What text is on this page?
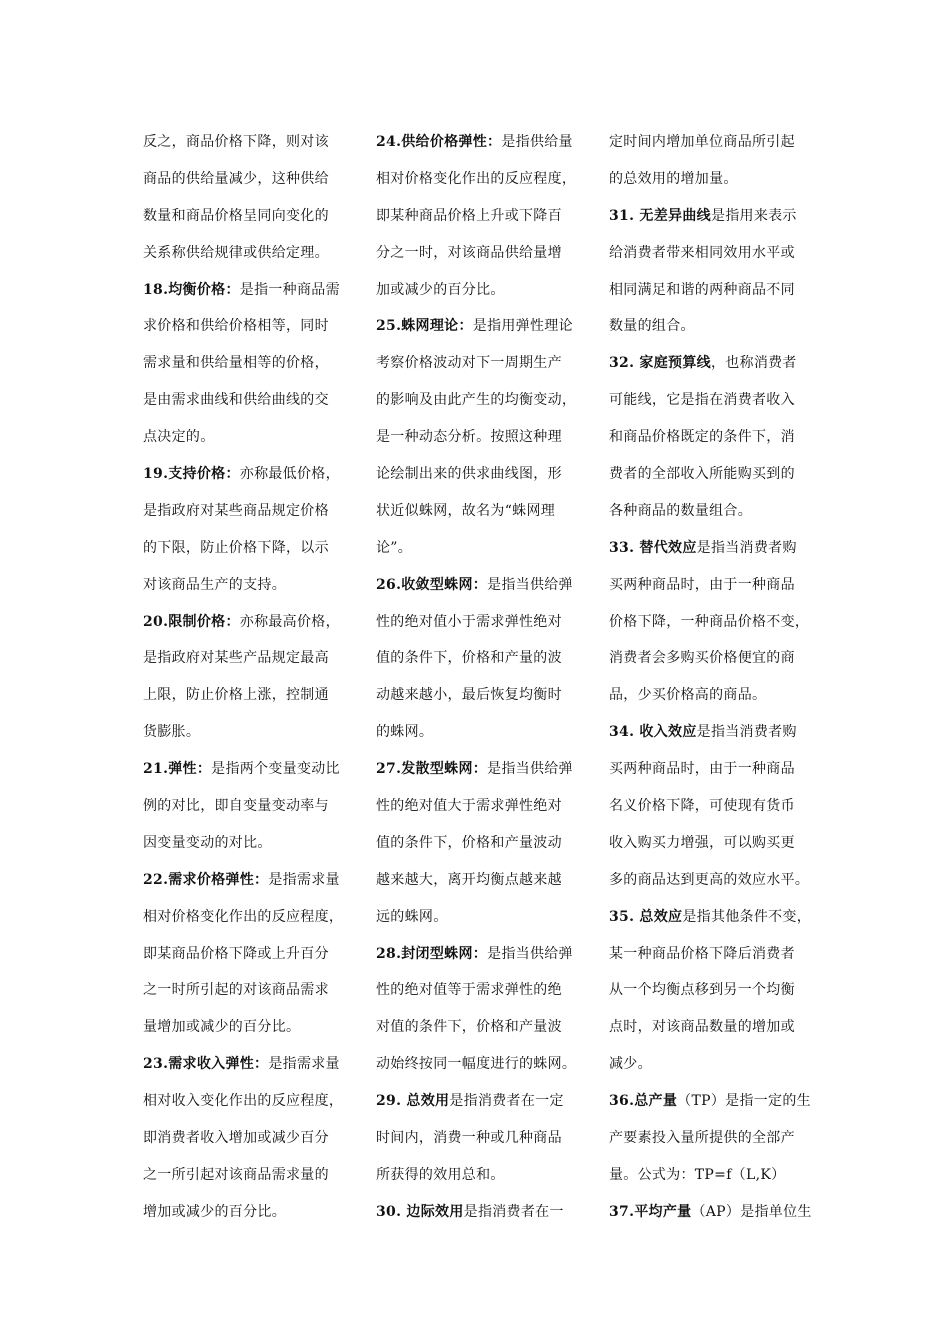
反之，商品价格下降，则对该
商品的供给量减少，这种供给
数量和商品价格呈同向变化的
关系称供给规律或供给定理。
18.均衡价格：是指一种商品需
求价格和供给价格相等，同时
需求量和供给量相等的价格，
是由需求曲线和供给曲线的交
点决定的。
19.支持价格：亦称最低价格，
是指政府对某些商品规定价格
的下限，防止价格下降，以示
对该商品生产的支持。
20.限制价格：亦称最高价格，
是指政府对某些产品规定最高
上限，防止价格上涨，控制通
货膨胀。
21.弹性：是指两个变量变动比
例的对比，即自变量变动率与
因变量变动的对比。
22.需求价格弹性：是指需求量
相对价格变化作出的反应程度，
即某商品价格下降或上升百分
之一时所引起的对该商品需求
量增加或减少的百分比。
23.需求收入弹性：是指需求量
相对收入变化作出的反应程度，
即消费者收入增加或减少百分
之一所引起对该商品需求量的
增加或减少的百分比。
24.供给价格弹性：是指供给量
相对价格变化作出的反应程度，
即某种商品价格上升或下降百
分之一时，对该商品供给量增
加或减少的百分比。
25.蛛网理论：是指用弹性理论
考察价格波动对下一周期生产
的影响及由此产生的均衡变动，
是一种动态分析。按照这种理
论绘制出来的供求曲线图，形
状近似蛛网，故名为“蛛网理
论”。
26.收敛型蛛网：是指当供给弹
性的绝对值小于需求弹性绝对
值的条件下，价格和产量的波
动越来越小，最后恢复均衡时
的蛛网。
27.发散型蛛网：是指当供给弹
性的绝对值大于需求弹性绝对
值的条件下，价格和产量波动
越来越大，离开均衡点越来越
远的蛛网。
28.封闭型蛛网：是指当供给弹
性的绝对值等于需求弹性的绝
对值的条件下，价格和产量波
动始终按同一幅度进行的蛛网。
29. 总效用是指消费者在一定
时间内，消费一种或几种商品
所获得的效用总和。
30. 边际效用是指消费者在一
定时间内增加单位商品所引起
的总效用的增加量。
31. 无差异曲线是指用来表示
给消费者带来相同效用水平或
相同满足和谐的两种商品不同
数量的组合。
32. 家庭预算线，也称消费者
可能线，它是指在消费者收入
和商品价格既定的条件下，消
费者的全部收入所能购买到的
各种商品的数量组合。
33. 替代效应是指当消费者购
买两种商品时，由于一种商品
价格下降，一种商品价格不变，
消费者会多购买价格便宜的商
品，少买价格高的商品。
34. 收入效应是指当消费者购
买两种商品时，由于一种商品
名义价格下降，可使现有货币
收入购买力增强，可以购买更
多的商品达到更高的效应水平。
35. 总效应是指其他条件不变，
某一种商品价格下降后消费者
从一个均衡点移到另一个均衡
点时，对该商品数量的增加或
减少。
36.总产量（TP）是指一定的生
产要素投入量所提供的全部产
量。公式为：TP=f（L,K）
37.平均产量（AP）是指单位生
